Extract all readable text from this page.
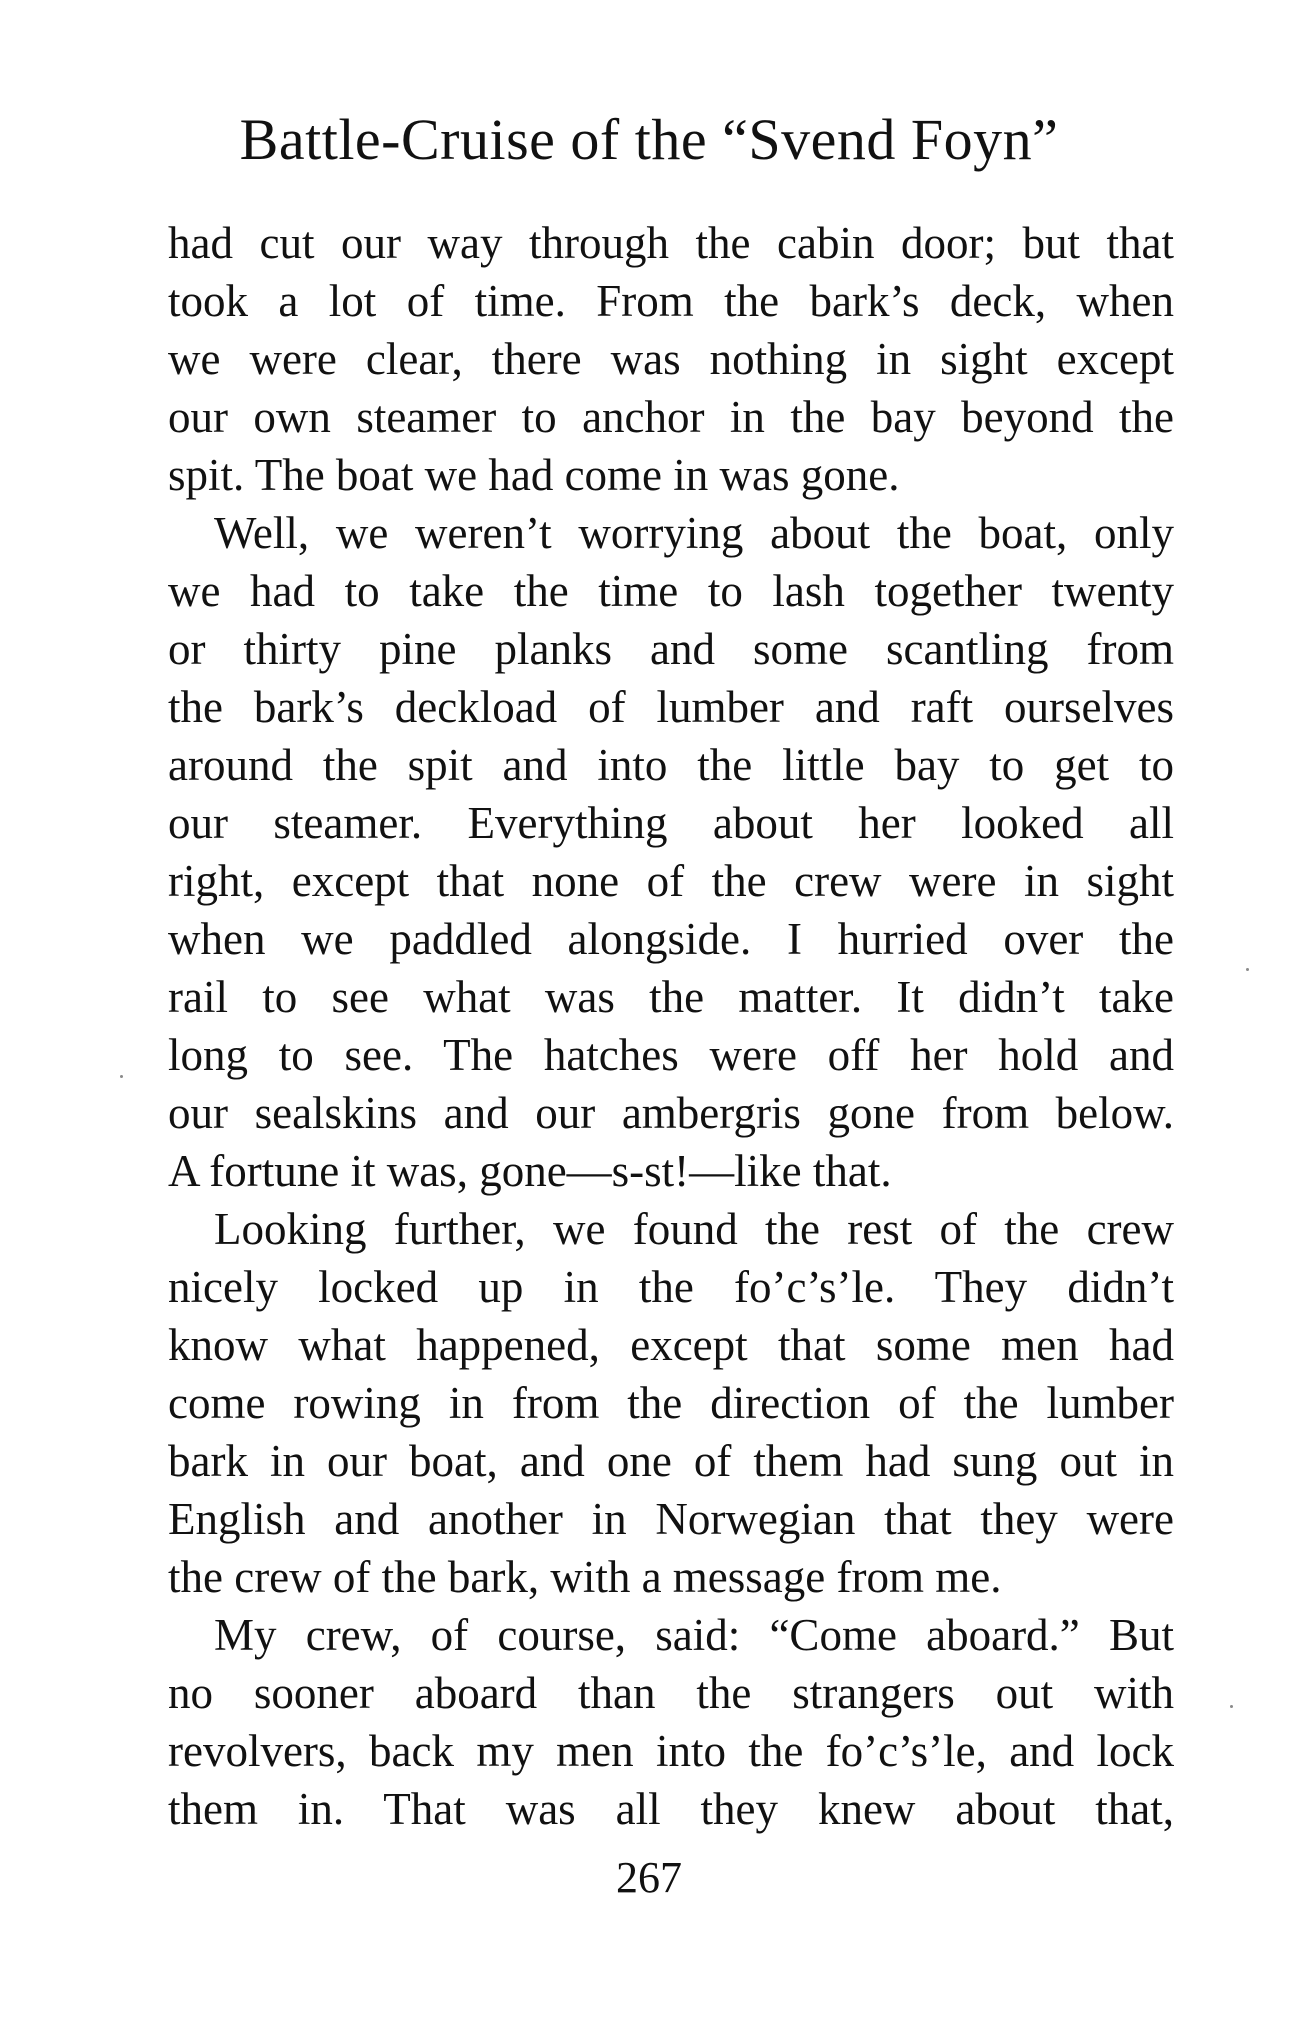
Battle-Cruise of the “Svend Foyn”
had cut our way through the cabin door; but that
took a lot of time. From the bark’s deck, when
we were clear, there was nothing in sight except
our own steamer to anchor in the bay beyond the
spit. The boat we had come in was gone.
Well, we weren’t worrying about the boat, only
we had to take the time to lash together twenty
or thirty pine planks and some scantling from
the bark’s deckload of lumber and raft ourselves
around the spit and into the little bay to get to
our steamer. Everything about her looked all
right, except that none of the crew were in sight
when we paddled alongside. I hurried over the
rail to see what was the matter. It didn’t take
long to see. The hatches were off her hold and
our sealskins and our ambergris gone from below.
A fortune it was, gone—s-st!—like that.
Looking further, we found the rest of the crew
nicely locked up in the fo’c’s’le. They didn’t
know what happened, except that some men had
come rowing in from the direction of the lumber
bark in our boat, and one of them had sung out in
English and another in Norwegian that they were
the crew of the bark, with a message from me.
My crew, of course, said: “Come aboard.” But
no sooner aboard than the strangers out with
revolvers, back my men into the fo’c’s’le, and lock
them in. That was all they knew about that,
267
